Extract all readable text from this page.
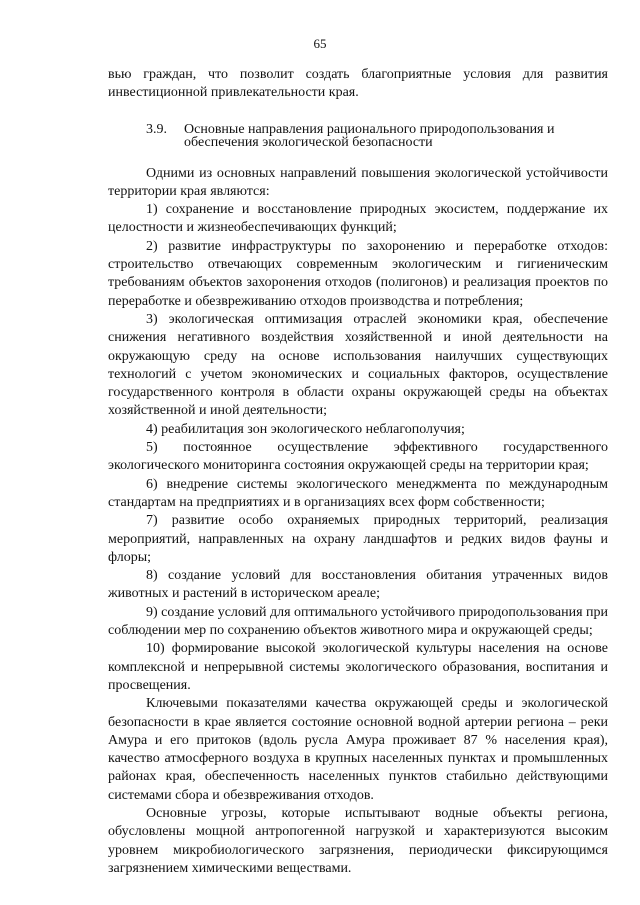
65

вью граждан, что позволит создать благоприятные условия для развития инвестиционной привлекательности края.

3.9.	Основные направления рационального природопользования и
обеспечения экологической безопасности

Одними из основных направлений повышения экологической устойчивости территории края являются:

1) сохранение и восстановление природных экосистем, поддержание их целостности и жизнеобеспечивающих функций;

2) развитие инфраструктуры по захоронению и переработке отходов: строительство отвечающих современным экологическим и гигиеническим требованиям объектов захоронения отходов (полигонов) и реализация проектов по переработке и обезвреживанию отходов производства и потребления;

3) экологическая оптимизация отраслей экономики края, обеспечение снижения негативного воздействия хозяйственной и иной деятельности на окружающую среду на основе использования наилучших существующих технологий с учетом экономических и социальных факторов, осуществление государственного контроля в области охраны окружающей среды на объектах хозяйственной и иной деятельности;

4) реабилитация зон экологического неблагополучия;

5) постоянное осуществление эффективного государственного экологического мониторинга состояния окружающей среды на территории края;

6) внедрение системы экологического менеджмента по международным стандартам на предприятиях и в организациях всех форм собственности;

7) развитие особо охраняемых природных территорий, реализация мероприятий, направленных на охрану ландшафтов и редких видов фауны и флоры;

8) создание условий для восстановления обитания утраченных видов животных и растений в историческом ареале;

9) создание условий для оптимального устойчивого природопользования при соблюдении мер по сохранению объектов животного мира и окружающей среды;

10) формирование высокой экологической культуры населения на основе комплексной и непрерывной системы экологического образования, воспитания и просвещения.

Ключевыми показателями качества окружающей среды и экологической безопасности в крае является состояние основной водной артерии региона – реки Амура и его притоков (вдоль русла Амура проживает 87 % населения края), качество атмосферного воздуха в крупных населенных пунктах и промышленных районах края, обеспеченность населенных пунктов стабильно действующими системами сбора и обезвреживания отходов.

Основные угрозы, которые испытывают водные объекты региона, обусловлены мощной антропогенной нагрузкой и характеризуются высоким уровнем микробиологического загрязнения, периодически фиксирующимся загрязнением химическими веществами.
